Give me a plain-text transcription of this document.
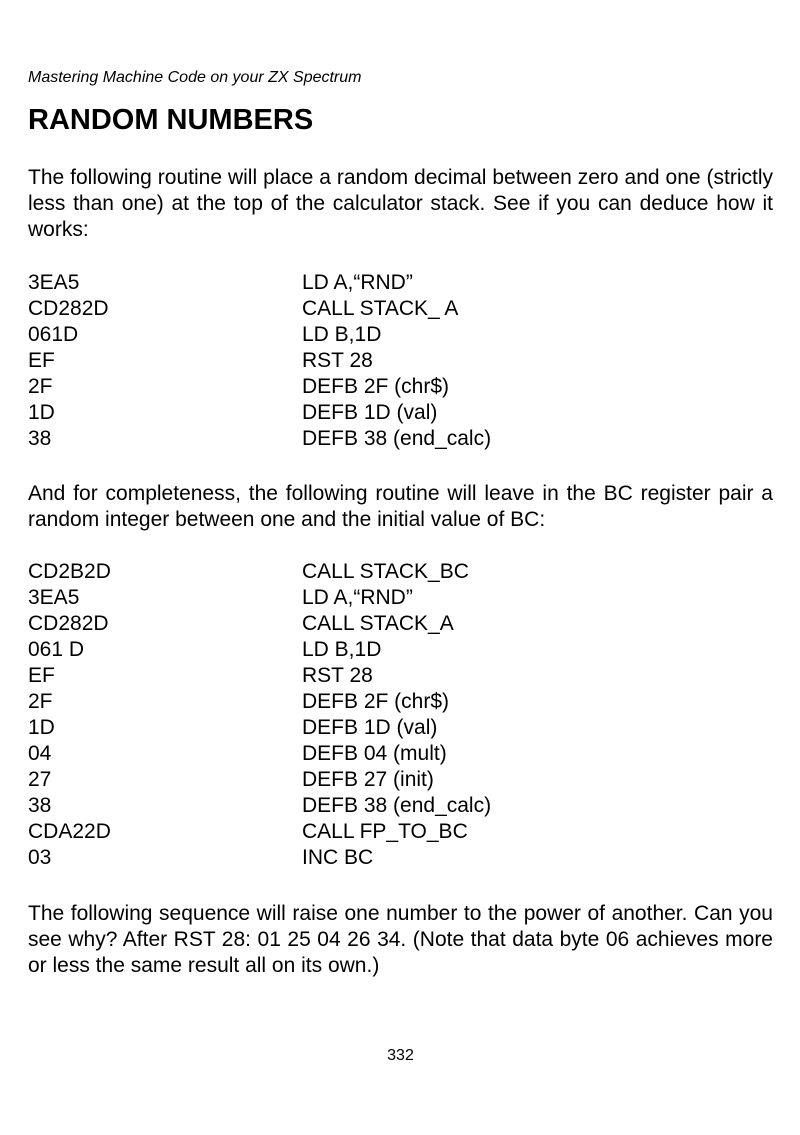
Mastering Machine Code on your ZX Spectrum
RANDOM NUMBERS

The following routine will place a random decimal between zero and one (strictly less than one) at the top of the calculator stack. See if you can deduce how it works:

3EA5	LD A,“RND”
CD282D	CALL STACK_ A
061D	LD B,1D
EF	RST 28
2F	DEFB 2F (chr$)
1D	DEFB 1D (val)
38	DEFB 38 (end_calc)

And for completeness, the following routine will leave in the BC register pair a random integer between one and the initial value of BC:

CD2B2D	CALL STACK_BC
3EA5	LD A,“RND”
CD282D	CALL STACK_A
061 D	LD B,1D
EF	RST 28
2F	DEFB 2F (chr$)
1D	DEFB 1D (val)
04	DEFB 04 (mult)
27	DEFB 27 (init)
38	DEFB 38 (end_calc)
CDA22D	CALL FP_TO_BC
03	INC BC

The following sequence will raise one number to the power of another. Can you see why? After RST 28: 01 25 04 26 34. (Note that data byte 06 achieves more or less the same result all on its own.)

332
